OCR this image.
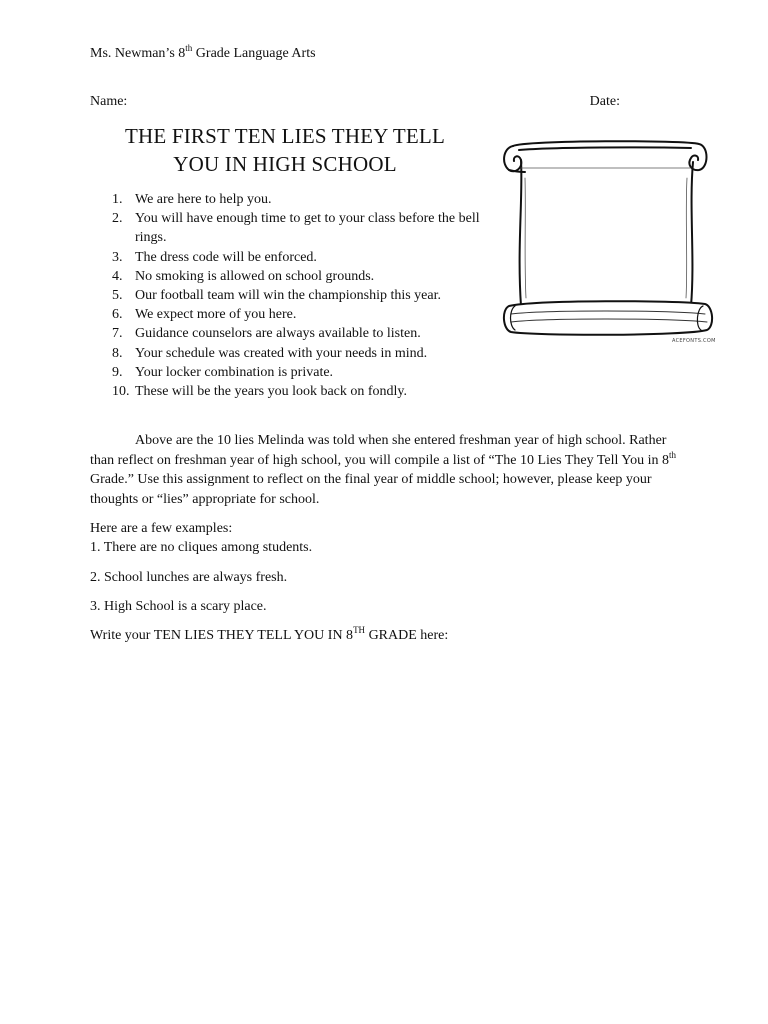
Ms. Newman’s 8th Grade Language Arts
Name:	Date:
THE FIRST TEN LIES THEY TELL
YOU IN HIGH SCHOOL
1. We are here to help you.
2. You will have enough time to get to your class before the bell rings.
3. The dress code will be enforced.
4. No smoking is allowed on school grounds.
5. Our football team will win the championship this year.
6. We expect more of you here.
7. Guidance counselors are always available to listen.
8. Your schedule was created with your needs in mind.
9. Your locker combination is private.
10. These will be the years you look back on fondly.
ACEFONTS.COM
Above are the 10 lies Melinda was told when she entered freshman year of high school. Rather than reflect on freshman year of high school, you will compile a list of “The 10 Lies They Tell You in 8th Grade.” Use this assignment to reflect on the final year of middle school; however, please keep your thoughts or “lies” appropriate for school.
Here are a few examples:
1. There are no cliques among students.
2. School lunches are always fresh.
3. High School is a scary place.
Write your TEN LIES THEY TELL YOU IN 8TH GRADE here:
